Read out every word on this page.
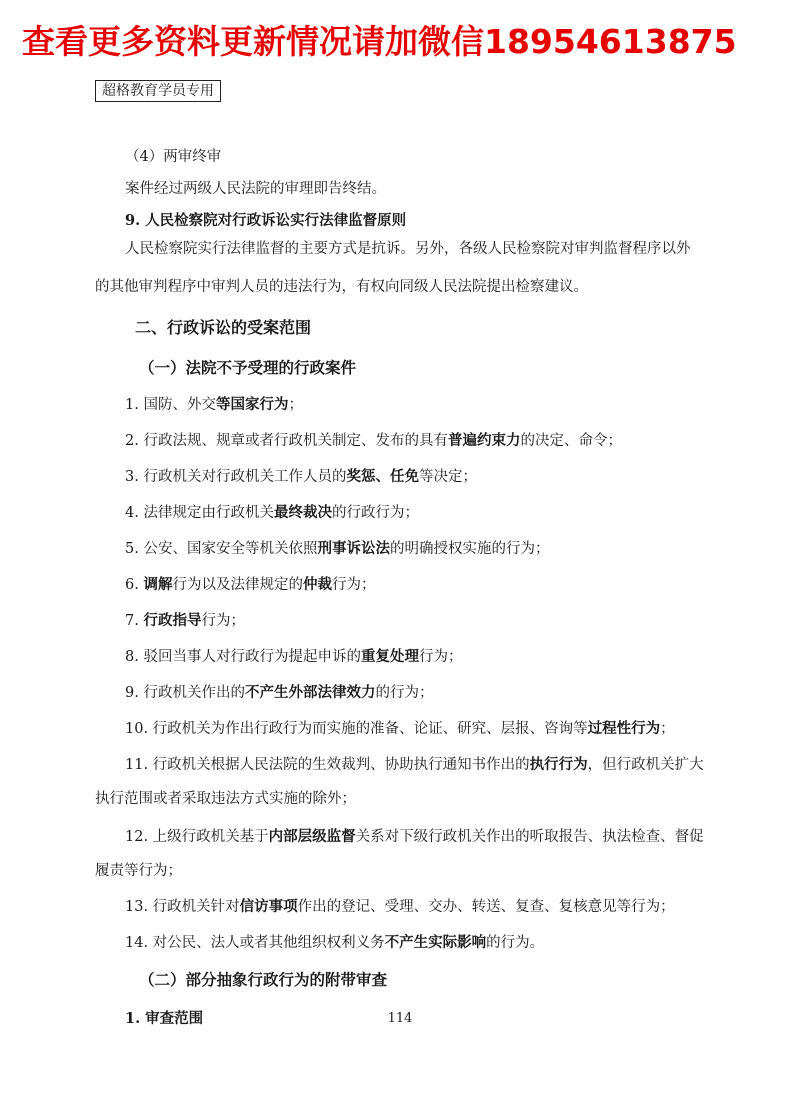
查看更多资料更新情况请加微信18954613875
超格教育学员专用

（4）两审终审

案件经过两级人民法院的审理即告终结。

9. 人民检察院对行政诉讼实行法律监督原则

人民检察院实行法律监督的主要方式是抗诉。另外，各级人民检察院对审判监督程序以外

的其他审判程序中审判人员的违法行为，有权向同级人民法院提出检察建议。

二、行政诉讼的受案范围
（一）法院不予受理的行政案件

1. 国防、外交等国家行为；

2. 行政法规、规章或者行政机关制定、发布的具有普遍约束力的决定、命令；

3. 行政机关对行政机关工作人员的奖惩、任免等决定；

4. 法律规定由行政机关最终裁决的行政行为；

5. 公安、国家安全等机关依照刑事诉讼法的明确授权实施的行为；

6. 调解行为以及法律规定的仲裁行为；

7. 行政指导行为；

8. 驳回当事人对行政行为提起申诉的重复处理行为；

9. 行政机关作出的不产生外部法律效力的行为；

10. 行政机关为作出行政行为而实施的准备、论证、研究、层报、咨询等过程性行为；

11. 行政机关根据人民法院的生效裁判、协助执行通知书作出的执行行为，但行政机关扩大

执行范围或者采取违法方式实施的除外；

12. 上级行政机关基于内部层级监督关系对下级行政机关作出的听取报告、执法检查、督促

履责等行为；

13. 行政机关针对信访事项作出的登记、受理、交办、转送、复查、复核意见等行为；

14. 对公民、法人或者其他组织权利义务不产生实际影响的行为。

（二）部分抽象行政行为的附带审查

1. 审查范围	114
